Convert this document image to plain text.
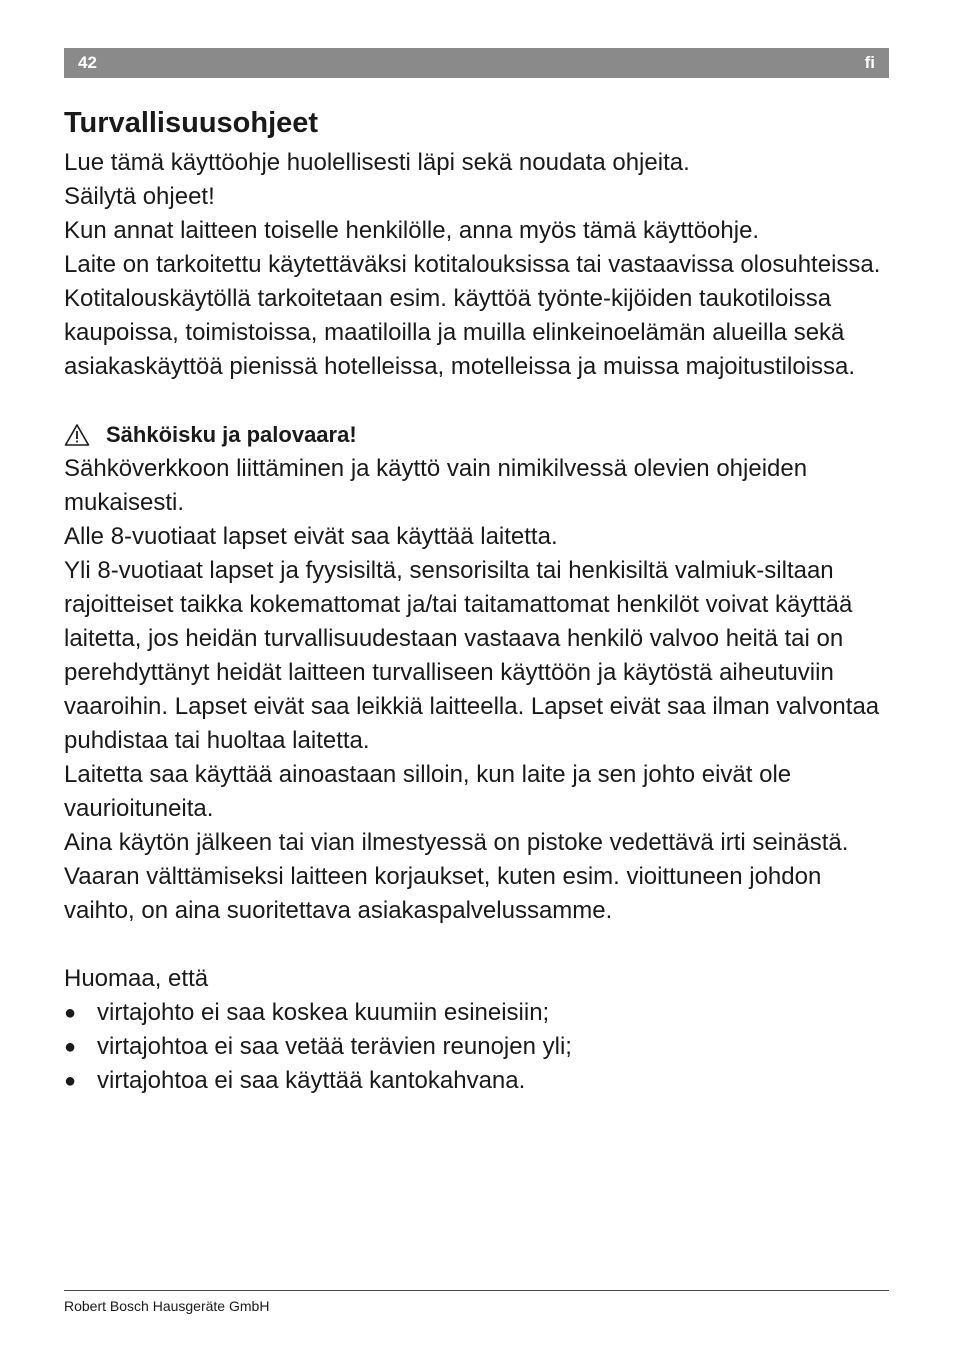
42	fi
Turvallisuusohjeet

Lue tämä käyttöohje huolellisesti läpi sekä noudata ohjeita.

Säilytä ohjeet!

Kun annat laitteen toiselle henkilölle, anna myös tämä käyttöohje.

Laite on tarkoitettu käytettäväksi kotitalouksissa tai vastaavissa olosuhteissa. Kotitalouskäytöllä tarkoitetaan esim. käyttöä työnte-kijöiden taukotiloissa kaupoissa, toimistoissa, maatiloilla ja muilla elinkeinoelämän alueilla sekä asiakaskäyttöä pienissä hotelleissa, motelleissa ja muissa majoitustiloissa.

Sähköisku ja palovaara!

Sähköverkkoon liittäminen ja käyttö vain nimikilvessä olevien ohjeiden mukaisesti.

Alle 8-vuotiaat lapset eivät saa käyttää laitetta.

Yli 8-vuotiaat lapset ja fyysisiltä, sensorisilta tai henkisiltä valmiuk-siltaan rajoitteiset taikka kokemattomat ja/tai taitamattomat henkilöt voivat käyttää laitetta, jos heidän turvallisuudestaan vastaava henkilö valvoo heitä tai on perehdyttänyt heidät laitteen turvalliseen käyttöön ja käytöstä aiheutuviin vaaroihin. Lapset eivät saa leikkiä laitteella. Lapset eivät saa ilman valvontaa puhdistaa tai huoltaa laitetta.

Laitetta saa käyttää ainoastaan silloin, kun laite ja sen johto eivät ole vaurioituneita.

Aina käytön jälkeen tai vian ilmestyessä on pistoke vedettävä irti seinästä.

Vaaran välttämiseksi laitteen korjaukset, kuten esim. vioittuneen johdon vaihto, on aina suoritettava asiakaspalvelussamme.

Huomaa, että

● virtajohto ei saa koskea kuumiin esineisiin;
● virtajohtoa ei saa vetää terävien reunojen yli;
● virtajohtoa ei saa käyttää kantokahvana.
Robert Bosch Hausgeräte GmbH
